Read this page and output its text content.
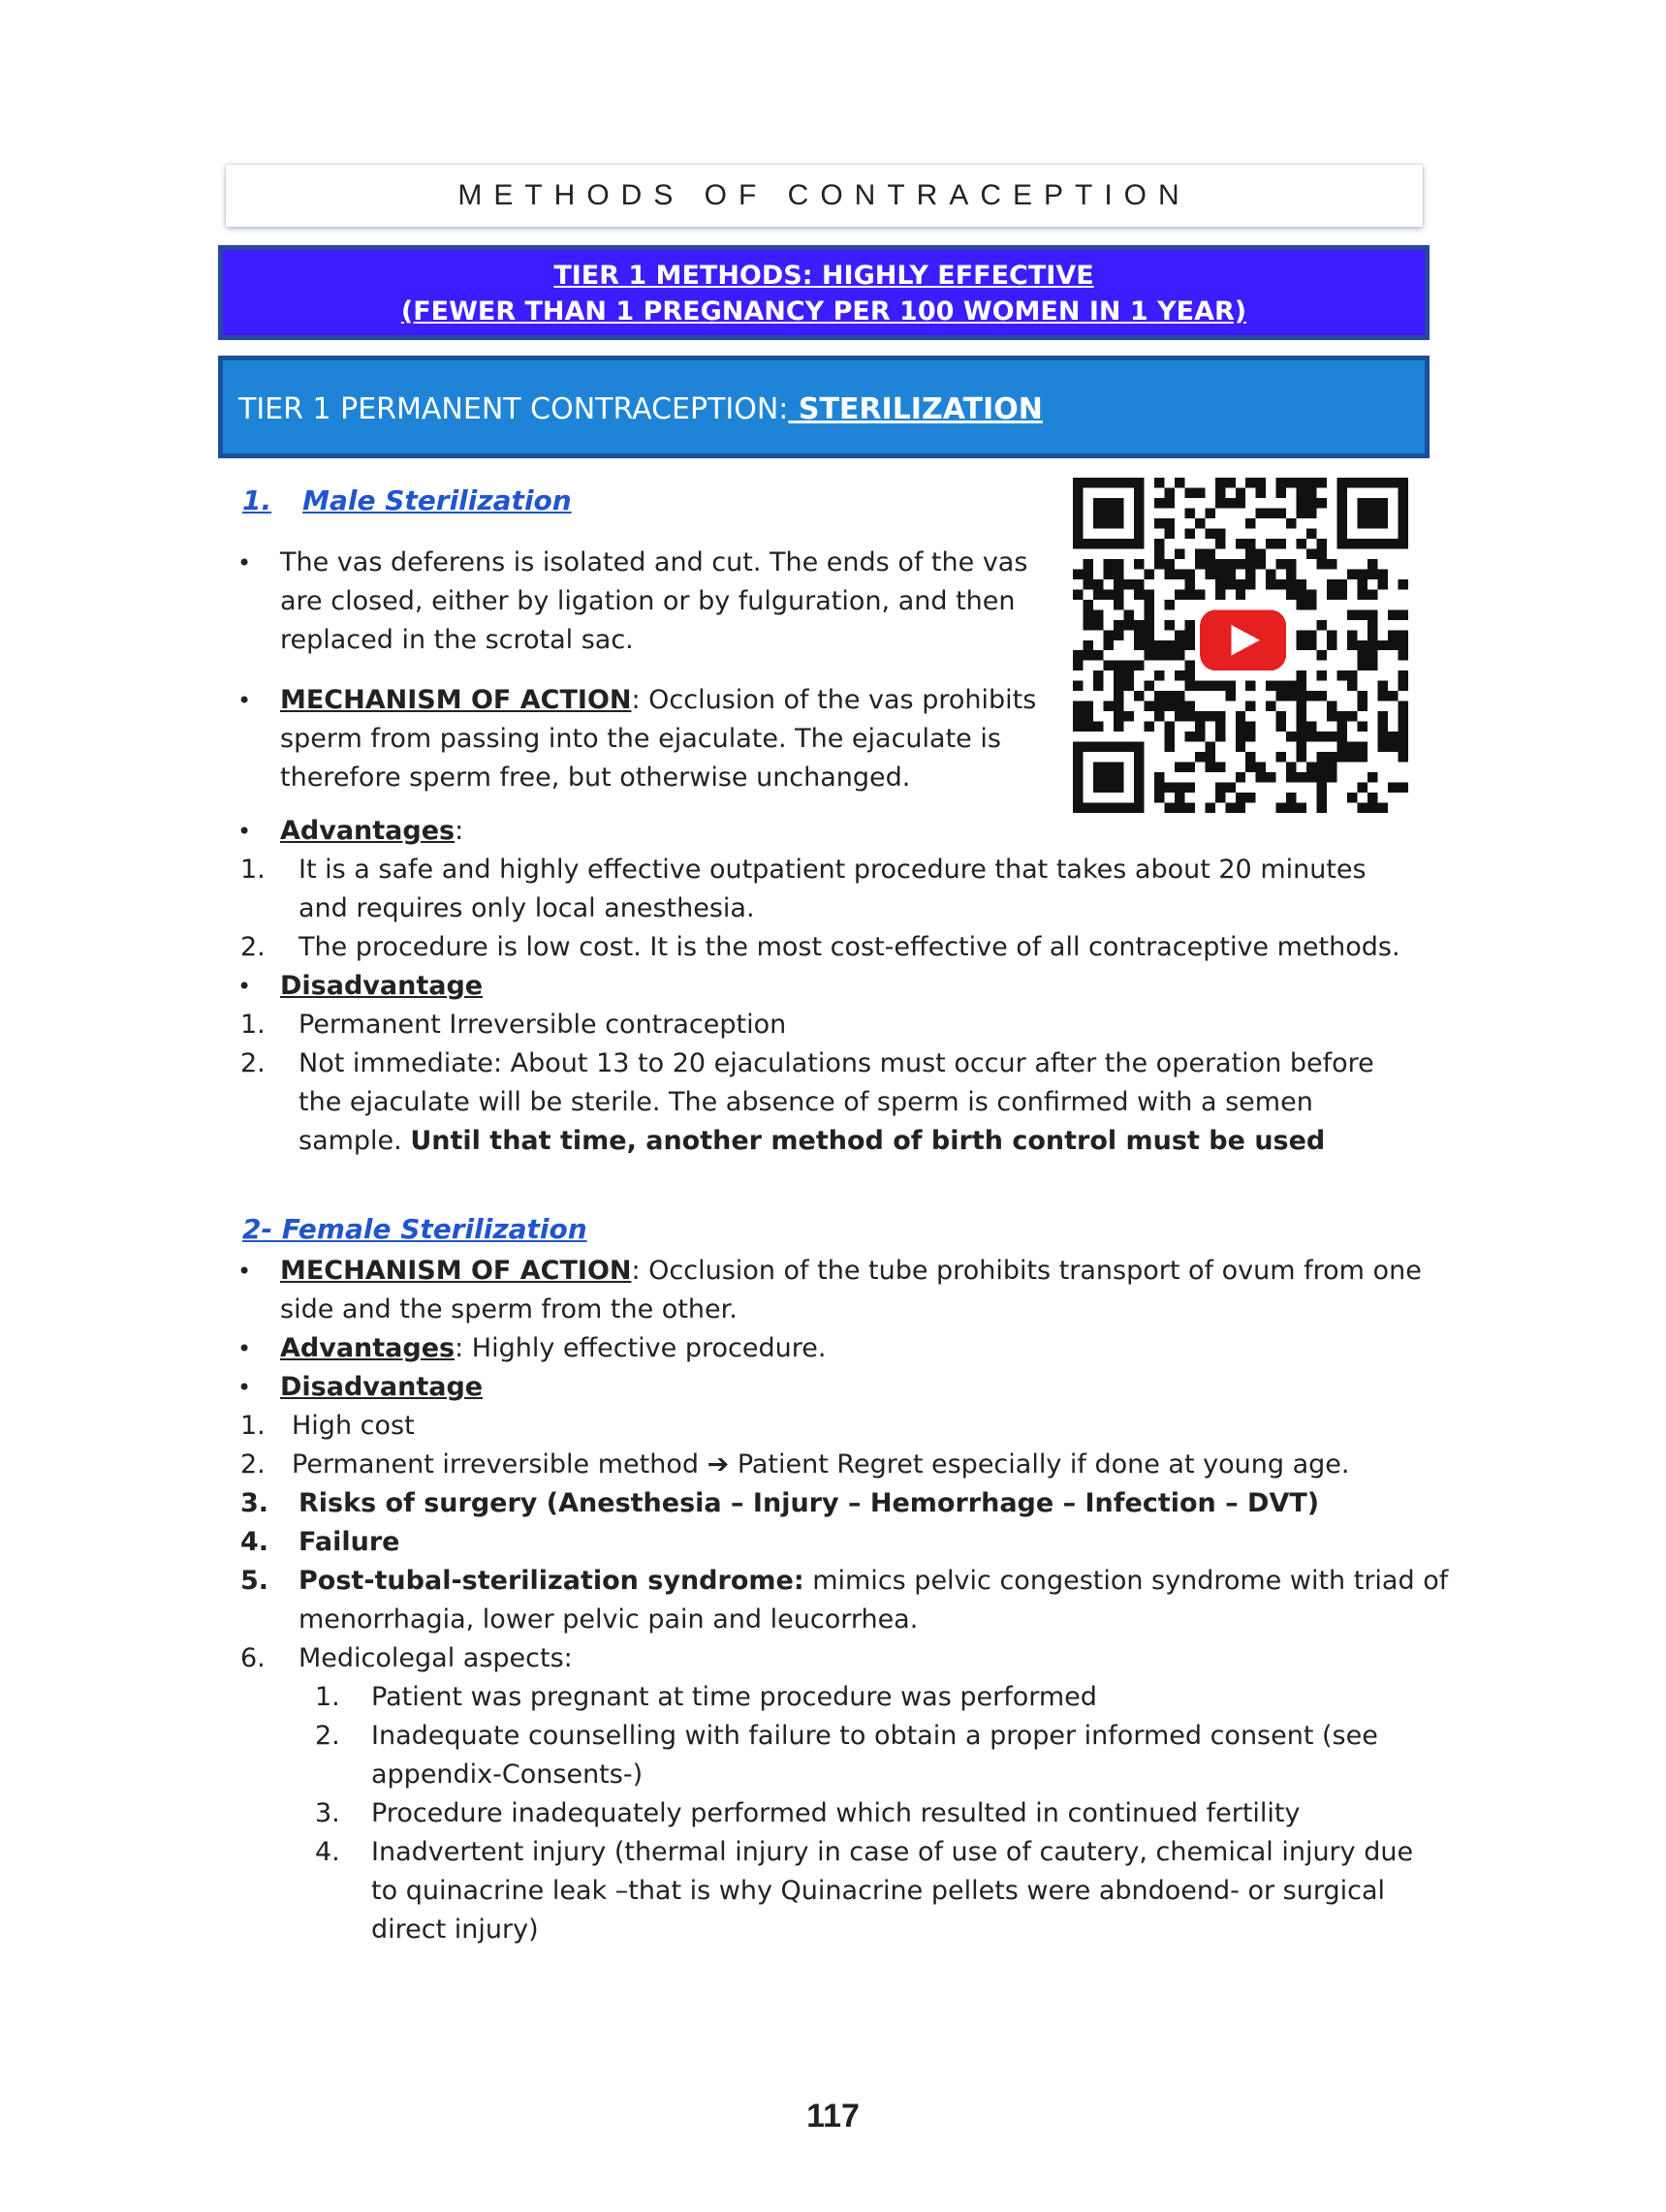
METHODS OF CONTRACEPTION
TIER 1 METHODS: HIGHLY EFFECTIVE
(FEWER THAN 1 PREGNANCY PER 100 WOMEN IN 1 YEAR)
TIER 1 PERMANENT CONTRACEPTION: STERILIZATION
1. Male Sterilization
• The vas deferens is isolated and cut. The ends of the vas
are closed, either by ligation or by fulguration, and then
replaced in the scrotal sac.
• MECHANISM OF ACTION: Occlusion of the vas prohibits
sperm from passing into the ejaculate. The ejaculate is
therefore sperm free, but otherwise unchanged.
• Advantages:
1. It is a safe and highly effective outpatient procedure that takes about 20 minutes
and requires only local anesthesia.
2. The procedure is low cost. It is the most cost-effective of all contraceptive methods.
• Disadvantage
1. Permanent Irreversible contraception
2. Not immediate: About 13 to 20 ejaculations must occur after the operation before
the ejaculate will be sterile. The absence of sperm is confirmed with a semen
sample. Until that time, another method of birth control must be used
2- Female Sterilization
• MECHANISM OF ACTION: Occlusion of the tube prohibits transport of ovum from one
side and the sperm from the other.
• Advantages: Highly effective procedure.
• Disadvantage
1. High cost
2. Permanent irreversible method ➔ Patient Regret especially if done at young age.
3. Risks of surgery (Anesthesia – Injury – Hemorrhage – Infection – DVT)
4. Failure
5. Post-tubal-sterilization syndrome: mimics pelvic congestion syndrome with triad of
menorrhagia, lower pelvic pain and leucorrhea.
6. Medicolegal aspects:
1. Patient was pregnant at time procedure was performed
2. Inadequate counselling with failure to obtain a proper informed consent (see
appendix-Consents-)
3. Procedure inadequately performed which resulted in continued fertility
4. Inadvertent injury (thermal injury in case of use of cautery, chemical injury due
to quinacrine leak –that is why Quinacrine pellets were abndoend- or surgical
direct injury)
117
